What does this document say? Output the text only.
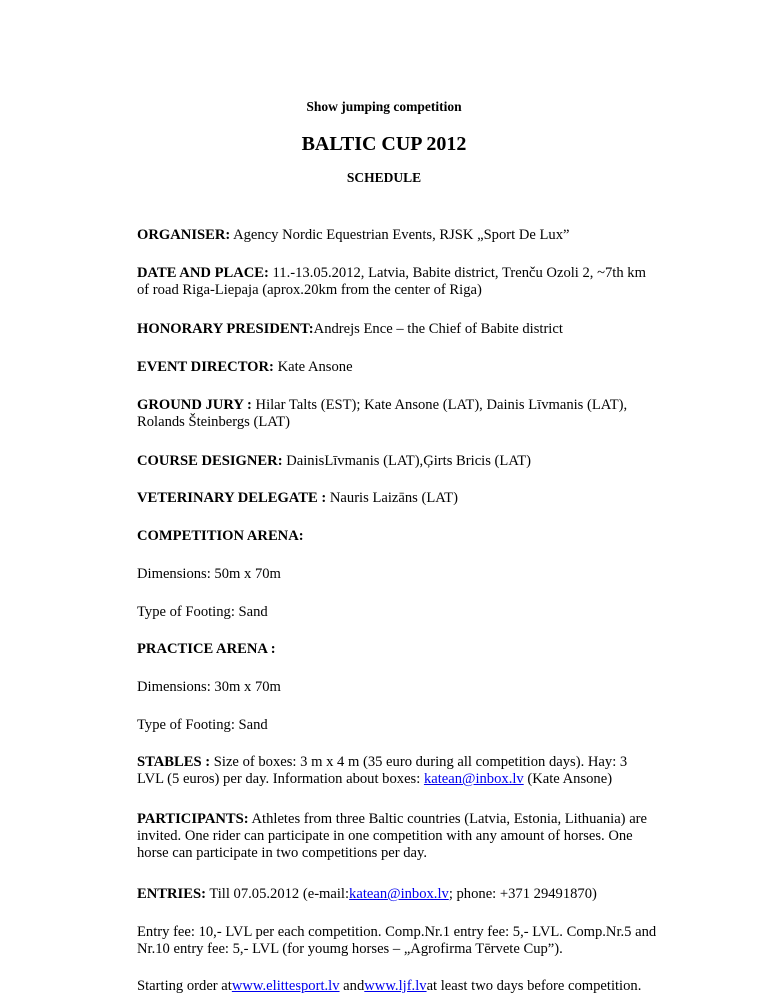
Show jumping competition
BALTIC CUP 2012
SCHEDULE

ORGANISER: Agency Nordic Equestrian Events, RJSK „Sport De Lux”

DATE AND PLACE: 11.-13.05.2012, Latvia, Babite district, Trenču Ozoli 2, ~7th km of road Riga-Liepaja (aprox.20km from the center of Riga)

HONORARY PRESIDENT:Andrejs Ence – the Chief of Babite district

EVENT DIRECTOR: Kate Ansone

GROUND JURY : Hilar Talts (EST); Kate Ansone (LAT), Dainis Līvmanis (LAT), Rolands Šteinbergs (LAT)

COURSE DESIGNER: DainisLīvmanis (LAT),Ģirts Bricis (LAT)

VETERINARY DELEGATE : Nauris Laizāns (LAT)

COMPETITION ARENA:

Dimensions: 50m x 70m

Type of Footing: Sand

PRACTICE ARENA :

Dimensions: 30m x 70m

Type of Footing: Sand

STABLES : Size of boxes: 3 m x 4 m (35 euro during all competition days). Hay: 3 LVL (5 euros) per day. Information about boxes: katean@inbox.lv (Kate Ansone)

PARTICIPANTS: Athletes from three Baltic countries (Latvia, Estonia, Lithuania) are invited. One rider can participate in one competition with any amount of horses. One horse can participate in two competitions per day.

ENTRIES: Till 07.05.2012 (e-mail:katean@inbox.lv; phone: +371 29491870)

Entry fee: 10,- LVL per each competition. Comp.Nr.1 entry fee: 5,- LVL. Comp.Nr.5 and Nr.10 entry fee: 5,- LVL (for youmg horses – „Agrofirma Tērvete Cup”).

Starting order atwww.elittesport.lv andwww.ljf.lvat least two days before competition.
